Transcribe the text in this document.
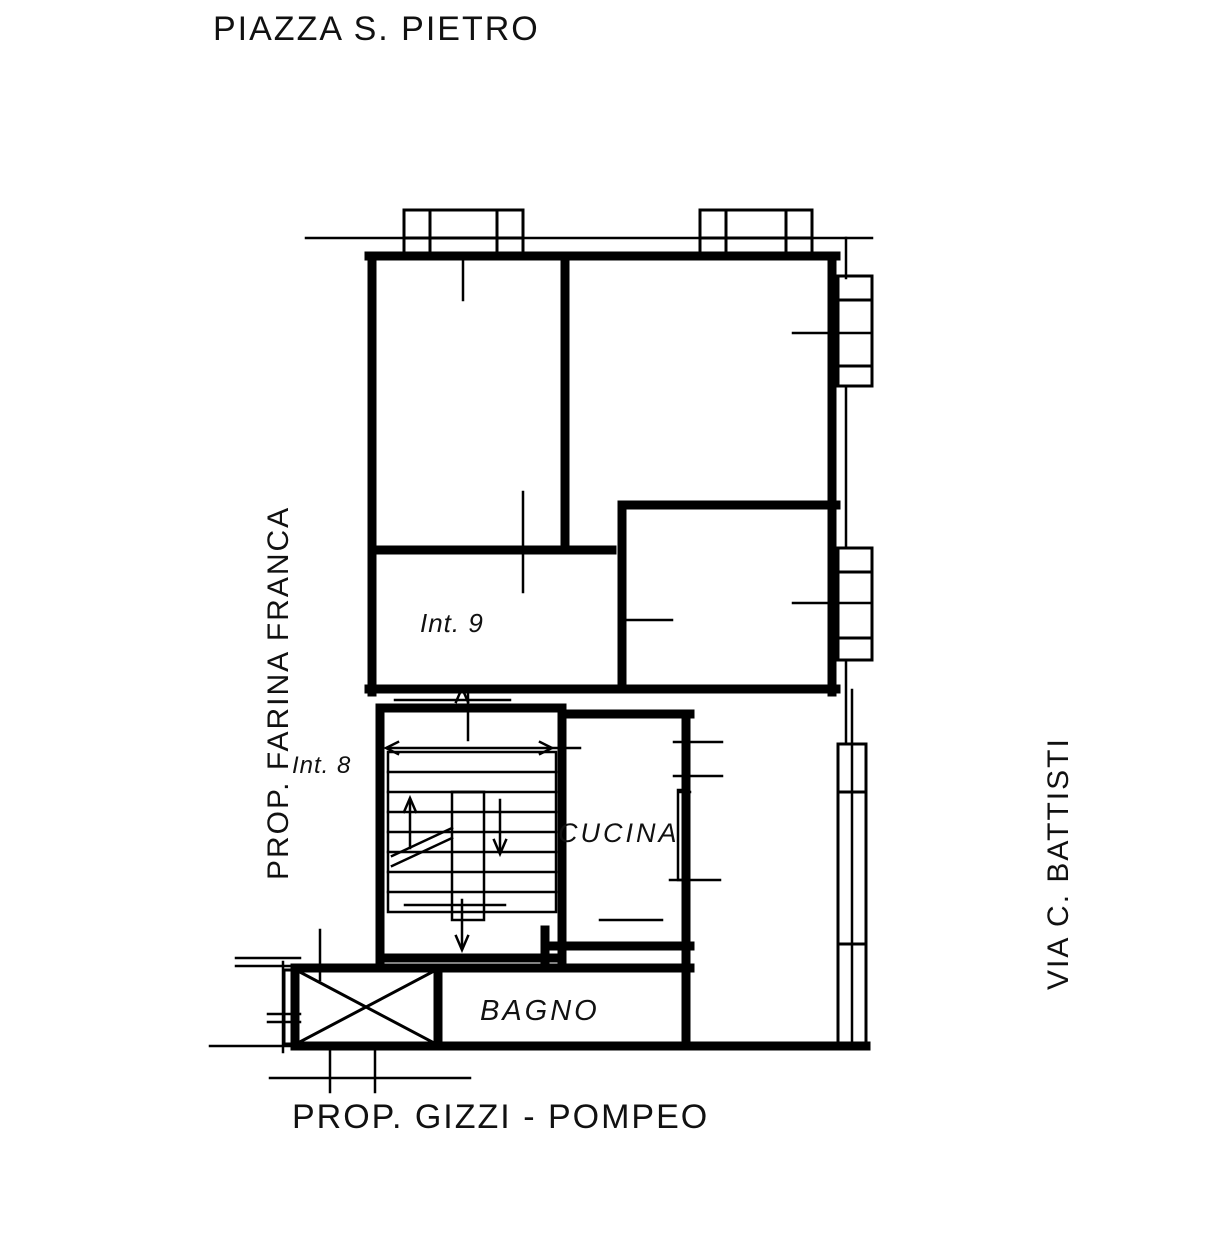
PIAZZA S. PIETRO
PROP. GIZZI - POMPEO
PROP. FARINA FRANCA	VIA C. BATTISTI
Int. 9
Int. 8
CUCINA
BAGNO
